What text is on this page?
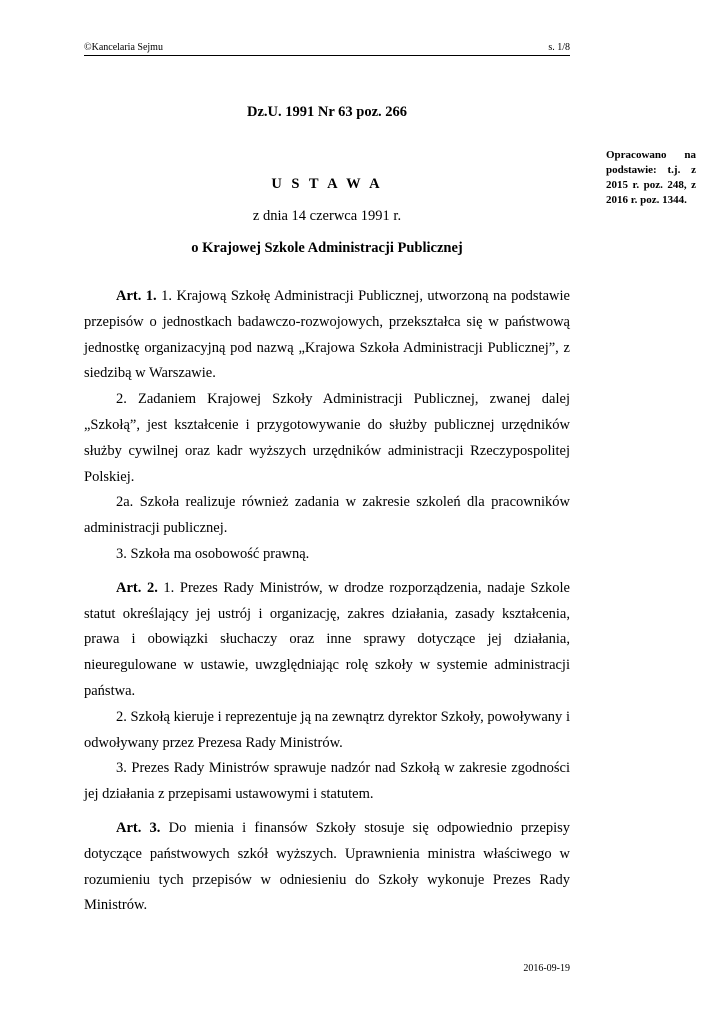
©Kancelaria Sejmu	s. 1/8
Dz.U. 1991 Nr 63 poz. 266
Opracowano na podstawie: t.j. z 2015 r. poz. 248, z 2016 r. poz. 1344.
U S T A W A
z dnia 14 czerwca 1991 r.
o Krajowej Szkole Administracji Publicznej

Art. 1. 1. Krajową Szkołę Administracji Publicznej, utworzoną na podstawie przepisów o jednostkach badawczo-rozwojowych, przekształca się w państwową jednostkę organizacyjną pod nazwą „Krajowa Szkoła Administracji Publicznej”, z siedzibą w Warszawie.

2. Zadaniem Krajowej Szkoły Administracji Publicznej, zwanej dalej „Szkołą”, jest kształcenie i przygotowywanie do służby publicznej urzędników służby cywilnej oraz kadr wyższych urzędników administracji Rzeczypospolitej Polskiej.

2a. Szkoła realizuje również zadania w zakresie szkoleń dla pracowników administracji publicznej.

3. Szkoła ma osobowość prawną.

Art. 2. 1. Prezes Rady Ministrów, w drodze rozporządzenia, nadaje Szkole statut określający jej ustrój i organizację, zakres działania, zasady kształcenia, prawa i obowiązki słuchaczy oraz inne sprawy dotyczące jej działania, nieuregulowane w ustawie, uwzględniając rolę szkoły w systemie administracji państwa.

2. Szkołą kieruje i reprezentuje ją na zewnątrz dyrektor Szkoły, powoływany i odwoływany przez Prezesa Rady Ministrów.

3. Prezes Rady Ministrów sprawuje nadzór nad Szkołą w zakresie zgodności jej działania z przepisami ustawowymi i statutem.

Art. 3. Do mienia i finansów Szkoły stosuje się odpowiednio przepisy dotyczące państwowych szkół wyższych. Uprawnienia ministra właściwego w rozumieniu tych przepisów w odniesieniu do Szkoły wykonuje Prezes Rady Ministrów.

2016-09-19
